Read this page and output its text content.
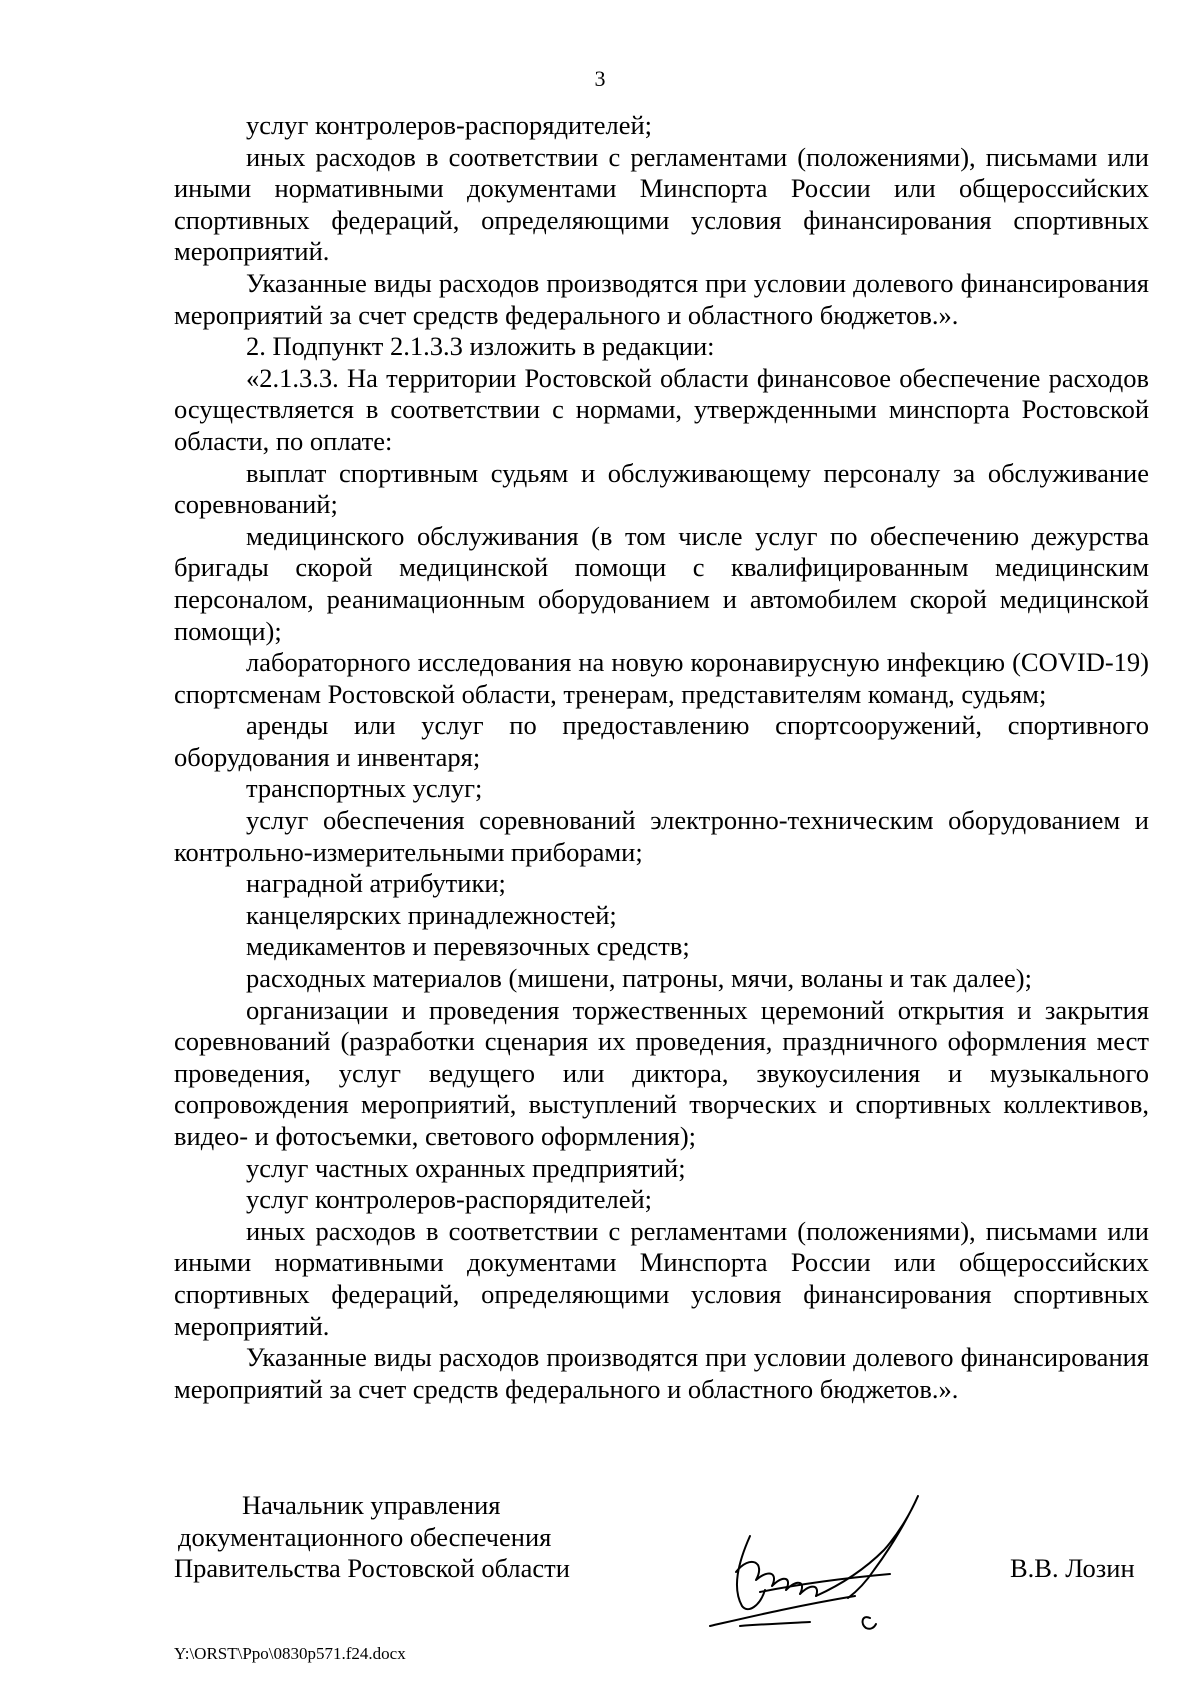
3

услуг контролеров-распорядителей;

иных расходов в соответствии с регламентами (положениями), письмами или иными нормативными документами Минспорта России или общероссийских спортивных федераций, определяющими условия финансирования спортивных мероприятий.

Указанные виды расходов производятся при условии долевого финансирования мероприятий за счет средств федерального и областного бюджетов.».

2. Подпункт 2.1.3.3 изложить в редакции:

«2.1.3.3. На территории Ростовской области финансовое обеспечение расходов осуществляется в соответствии с нормами, утвержденными минспорта Ростовской области, по оплате:

выплат спортивным судьям и обслуживающему персоналу за обслуживание соревнований;

медицинского обслуживания (в том числе услуг по обеспечению дежурства бригады скорой медицинской помощи с квалифицированным медицинским персоналом, реанимационным оборудованием и автомобилем скорой медицинской помощи);

лабораторного исследования на новую коронавирусную инфекцию (COVID-19) спортсменам Ростовской области, тренерам, представителям команд, судьям;

аренды или услуг по предоставлению спортсооружений, спортивного оборудования и инвентаря;

транспортных услуг;

услуг обеспечения соревнований электронно-техническим оборудованием и контрольно-измерительными приборами;

наградной атрибутики;

канцелярских принадлежностей;

медикаментов и перевязочных средств;

расходных материалов (мишени, патроны, мячи, воланы и так далее);

организации и проведения торжественных церемоний открытия и закрытия соревнований (разработки сценария их проведения, праздничного оформления мест проведения, услуг ведущего или диктора, звукоусиления и музыкального сопровождения мероприятий, выступлений творческих и спортивных коллективов, видео- и фотосъемки, светового оформления);

услуг частных охранных предприятий;

услуг контролеров-распорядителей;

иных расходов в соответствии с регламентами (положениями), письмами или иными нормативными документами Минспорта России или общероссийских спортивных федераций, определяющими условия финансирования спортивных мероприятий.

Указанные виды расходов производятся при условии долевого финансирования мероприятий за счет средств федерального и областного бюджетов.».

Начальник управления
документационного обеспечения
Правительства Ростовской области	В.В. Лозин
Y:\ORST\Ppo\0830p571.f24.docx
